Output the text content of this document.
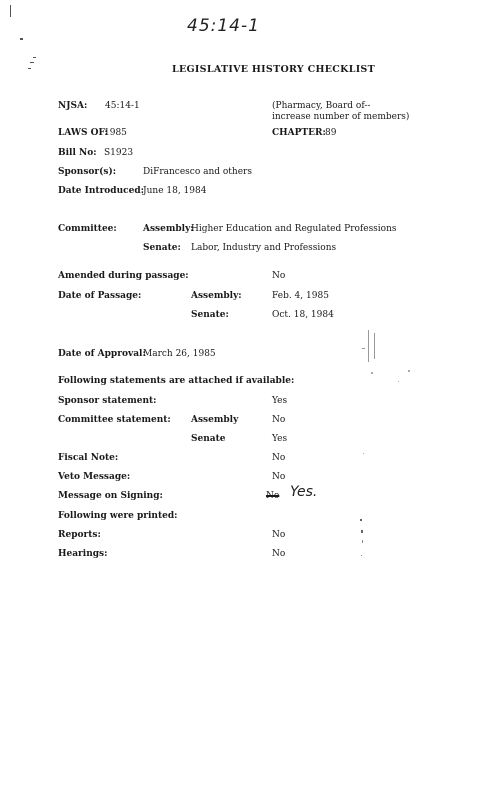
45:14-1
LEGISLATIVE HISTORY CHECKLIST
NJSA: 45:14-1	(Pharmacy, Board of--
increase number of members)
LAWS OF:
1985	CHAPTER: 89
Bill No: S1923
Sponsor(s):	DiFrancesco and others
Date Introduced: June 18, 1984
Committee:	Assembly:
Higher Education and Regulated Professions
Senate: Labor, Industry and Professions
Amended during passage:	No
Date of Passage:	Assembly:	Feb. 4, 1985
Senate:	Oct. 18, 1984
Date of Approval:
March 26, 1985
Following statements are attached if available:
Sponsor statement:	Yes
Committee statement: Assembly	No
Senate	Yes
Fiscal Note:	No
Veto Message:	No
Message on Signing:	No Yes.
Following were printed:
Reports:	No
Hearings:	No
